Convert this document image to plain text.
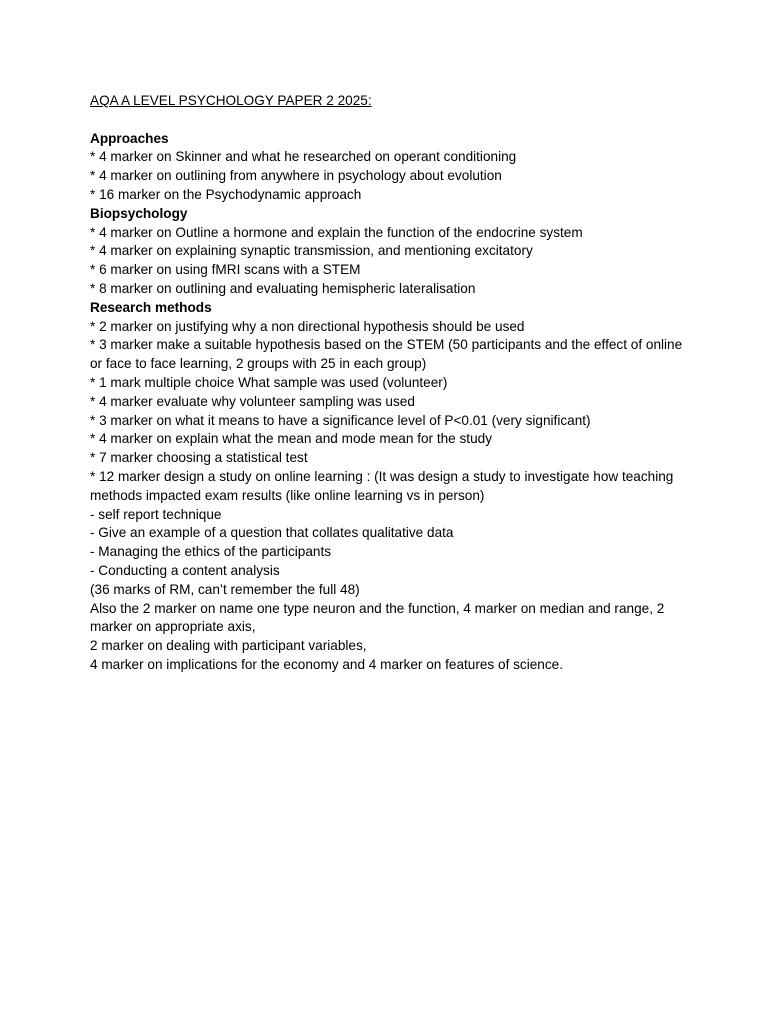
AQA A LEVEL PSYCHOLOGY PAPER 2 2025:
Approaches
* 4 marker on Skinner and what he researched on operant conditioning
* 4 marker on outlining from anywhere in psychology about evolution
* 16 marker on the Psychodynamic approach
Biopsychology
* 4 marker on Outline a hormone and explain the function of the endocrine system
* 4 marker on explaining synaptic transmission, and mentioning excitatory
* 6 marker on using fMRI scans with a STEM
* 8 marker on outlining and evaluating hemispheric lateralisation
Research methods
* 2 marker on justifying why a non directional hypothesis should be used
* 3 marker make a suitable hypothesis based on the STEM (50 participants and the effect of online or face to face learning, 2 groups with 25 in each group)
* 1 mark multiple choice What sample was used (volunteer)
* 4 marker evaluate why volunteer sampling was used
* 3 marker on what it means to have a significance level of P<0.01 (very significant)
* 4 marker on explain what the mean and mode mean for the study
* 7 marker choosing a statistical test
* 12 marker design a study on online learning : (It was design a study to investigate how teaching methods impacted exam results (like online learning vs in person)
- self report technique
- Give an example of a question that collates qualitative data
- Managing the ethics of the participants
- Conducting a content analysis
(36 marks of RM, can’t remember the full 48)
Also the 2 marker on name one type neuron and the function, 4 marker on median and range, 2 marker on appropriate axis,
2 marker on dealing with participant variables,
4 marker on implications for the economy and 4 marker on features of science.
